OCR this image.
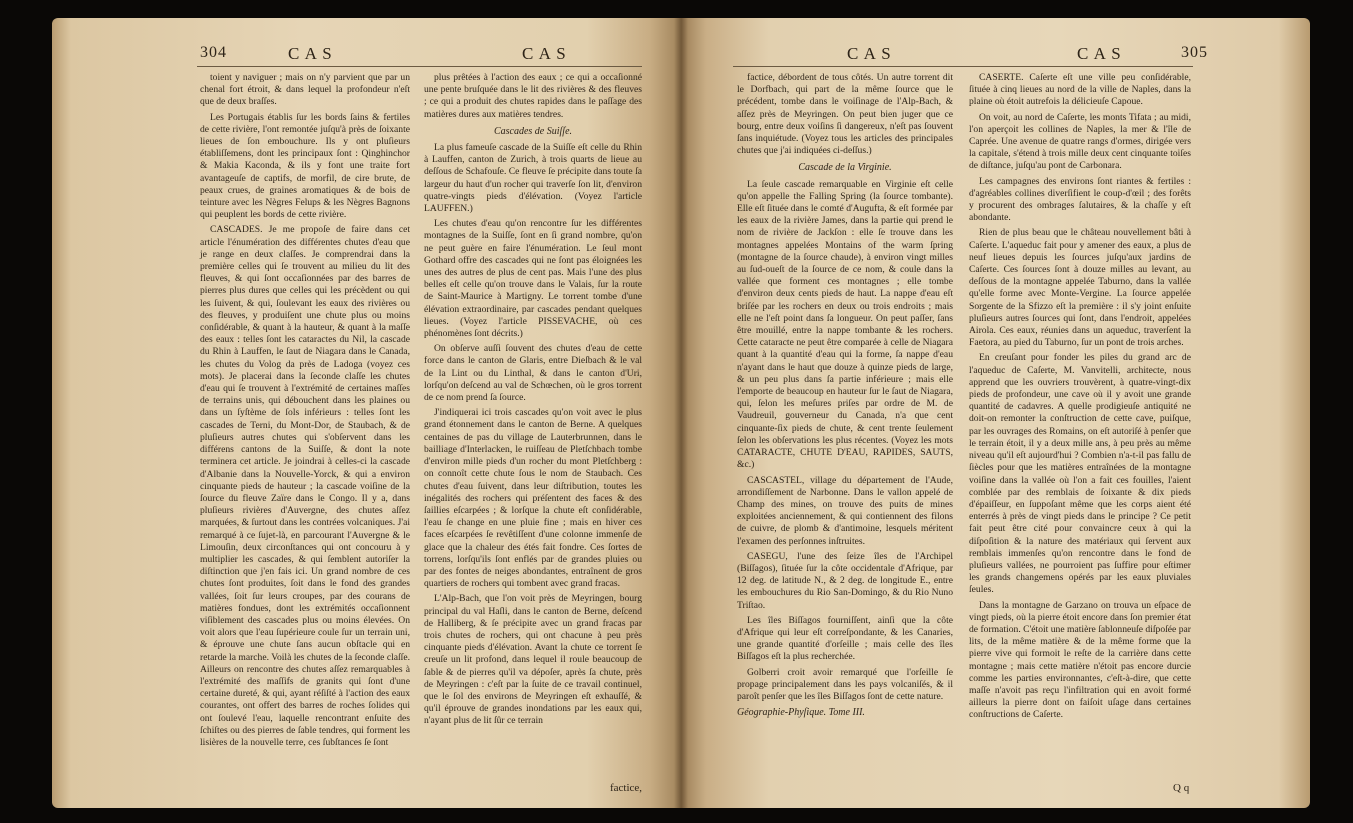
304	C A S	C A S

toient y naviguer ; mais on n'y parvient que par un chenal fort étroit, & dans lequel la profondeur n'eſt que de deux braſſes.

Les Portugais établis ſur les bords ſains & fertiles de cette rivière, l'ont remontée juſqu'à près de ſoixante lieues de ſon embouchure. Ils y ont pluſieurs établiſſemens, dont les principaux ſont : Qinghinchor & Makia Kaconda, & ils y font une traite fort avantageuſe de captifs, de morfil, de cire brute, de peaux crues, de graines aromatiques & de bois de teinture avec les Nègres Felups & les Nègres Bagnons qui peuplent les bords de cette rivière.

CASCADES. Je me propoſe de faire dans cet article l'énumération des différentes chutes d'eau que je range en deux claſſes. Je comprendrai dans la première celles qui ſe trouvent au milieu du lit des fleuves, & qui ſont occaſionnées par des barres de pierres plus dures que celles qui les précèdent ou qui les ſuivent, & qui, ſoulevant les eaux des rivières ou des fleuves, y produiſent une chute plus ou moins conſidérable, & quant à la hauteur, & quant à la maſſe des eaux : telles ſont les cataractes du Nil, la cascade du Rhin à Lauffen, le ſaut de Niagara dans le Canada, les chutes du Volog da près de Ladoga (voyez ces mots). Je placerai dans la ſeconde claſſe les chutes d'eau qui ſe trouvent à l'extrémité de certaines maſſes de terrains unis, qui débouchent dans les plaines ou dans un ſyſtème de ſols inférieurs : telles ſont les cascades de Terni, du Mont-Dor, de Staubach, & de pluſieurs autres chutes qui s'obſervent dans les différens cantons de la Suiſſe, & dont la note terminera cet article. Je joindrai à celles-ci la cascade d'Albanie dans la Nouvelle-Yorck, & qui a environ cinquante pieds de hauteur ; la cascade voiſine de la ſource du fleuve Zaïre dans le Congo. Il y a, dans pluſieurs rivières d'Auvergne, des chutes aſſez marquées, & ſurtout dans les contrées volcaniques. J'ai remarqué à ce ſujet-là, en parcourant l'Auvergne & le Limouſin, deux circonſtances qui ont concouru à y multiplier les cascades, & qui ſemblent autoriſer la diſtinction que j'en fais ici. Un grand nombre de ces chutes ſont produites, ſoit dans le fond des grandes vallées, ſoit ſur leurs croupes, par des courans de matières fondues, dont les extrémités occaſionnent viſiblement des cascades plus ou moins élevées. On voit alors que l'eau ſupérieure coule ſur un terrain uni, & éprouve une chute ſans aucun obſtacle qui en retarde la marche. Voilà les chutes de la ſeconde claſſe. Ailleurs on rencontre des chutes aſſez remarquables à l'extrémité des maſſifs de granits qui ſont d'une certaine dureté, & qui, ayant réſiſté à l'action des eaux courantes, ont offert des barres de roches ſolides qui ont ſoulevé l'eau, laquelle rencontrant enſuite des ſchiſtes ou des pierres de ſable tendres, qui forment les lisières de la nouvelle terre, ces ſubſtances ſe ſont

plus prêtées à l'action des eaux ; ce qui a occaſionné une pente bruſquée dans le lit des rivières & des fleuves ; ce qui a produit des chutes rapides dans le paſſage des matières dures aux matières tendres.

Cascades de Suiſſe.

La plus fameuſe cascade de la Suiſſe eſt celle du Rhin à Lauffen, canton de Zurich, à trois quarts de lieue au deſſous de Schafouſe. Ce fleuve ſe précipite dans toute ſa largeur du haut d'un rocher qui traverſe ſon lit, d'environ quatre-vingts pieds d'élévation. (Voyez l'article LAUFFEN.)

Les chutes d'eau qu'on rencontre ſur les différentes montagnes de la Suiſſe, ſont en ſi grand nombre, qu'on ne peut guère en faire l'énumération. Le ſeul mont Gothard offre des cascades qui ne ſont pas éloignées les unes des autres de plus de cent pas. Mais l'une des plus belles eſt celle qu'on trouve dans le Valais, ſur la route de Saint-Maurice à Martigny. Le torrent tombe d'une élévation extraordinaire, par cascades pendant quelques lieues. (Voyez l'article PISSEVACHE, où ces phénomènes ſont décrits.)

On obſerve auſſi ſouvent des chutes d'eau de cette force dans le canton de Glaris, entre Dieſbach & le val de la Lint ou du Linthal, & dans le canton d'Uri, lorſqu'on deſcend au val de Schœchen, où le gros torrent de ce nom prend ſa ſource.

J'indiquerai ici trois cascades qu'on voit avec le plus grand étonnement dans le canton de Berne. A quelques centaines de pas du village de Lauterbrunnen, dans le bailliage d'Interlacken, le ruiſſeau de Pletſchbach tombe d'environ mille pieds d'un rocher du mont Pletſchberg : on connoît cette chute ſous le nom de Staubach. Ces chutes d'eau ſuivent, dans leur diſtribution, toutes les inégalités des rochers qui préſentent des faces & des ſaillies eſcarpées ; & lorſque la chute eſt conſidérable, l'eau ſe change en une pluie fine ; mais en hiver ces faces eſcarpées ſe revêtiſſent d'une colonne immenſe de glace que la chaleur des étés fait fondre. Ces ſortes de torrens, lorſqu'ils ſont enflés par de grandes pluies ou par des fontes de neiges abondantes, entraînent de gros quartiers de rochers qui tombent avec grand fracas.

L'Alp-Bach, que l'on voit près de Meyringen, bourg principal du val Haſli, dans le canton de Berne, deſcend de Halliberg, & ſe précipite avec un grand fracas par trois chutes de rochers, qui ont chacune à peu près cinquante pieds d'élévation. Avant la chute ce torrent ſe creuſe un lit profond, dans lequel il roule beaucoup de ſable & de pierres qu'il va dépoſer, après ſa chute, près de Meyringen : c'eſt par la ſuite de ce travail continuel, que le ſol des environs de Meyringen eſt exhauſſé, & qu'il éprouve de grandes inondations par les eaux qui, n'ayant plus de lit ſûr ce terrain

factice,
C A S	C A S	305

factice, débordent de tous côtés. Un autre torrent dit le Dorfbach, qui part de la même ſource que le précédent, tombe dans le voiſinage de l'Alp-Bach, & aſſez près de Meyringen. On peut bien juger que ce bourg, entre deux voiſins ſi dangereux, n'eſt pas ſouvent ſans inquiétude. (Voyez tous les articles des principales chutes que j'ai indiquées ci-deſſus.)

Cascade de la Virginie.

La ſeule cascade remarquable en Virginie eſt celle qu'on appelle the Falling Spring (la ſource tombante). Elle eſt ſituée dans le comté d'Augufta, & eſt formée par les eaux de la rivière James, dans la partie qui prend le nom de rivière de Jackſon : elle ſe trouve dans les montagnes appelées Montains of the warm ſpring (montagne de la ſource chaude), à environ vingt milles au ſud-oueſt de la ſource de ce nom, & coule dans la vallée que forment ces montagnes ; elle tombe d'environ deux cents pieds de haut. La nappe d'eau eſt briſée par les rochers en deux ou trois endroits ; mais elle ne l'eſt point dans ſa longueur. On peut paſſer, ſans être mouillé, entre la nappe tombante & les rochers. Cette cataracte ne peut être comparée à celle de Niagara quant à la quantité d'eau qui la forme, ſa nappe d'eau n'ayant dans le haut que douze à quinze pieds de large, & un peu plus dans ſa partie inférieure ; mais elle l'emporte de beaucoup en hauteur ſur le ſaut de Niagara, qui, ſelon les meſures priſes par ordre de M. de Vaudreuil, gouverneur du Canada, n'a que cent cinquante-ſix pieds de chute, & cent trente ſeulement ſelon les obſervations les plus récentes. (Voyez les mots CATARACTE, CHUTE D'EAU, RAPIDES, SAUTS, &c.)

CASCASTEL, village du département de l'Aude, arrondiſſement de Narbonne. Dans le vallon appelé de Champ des mines, on trouve des puits de mines exploitées anciennement, & qui contiennent des filons de cuivre, de plomb & d'antimoine, lesquels méritent l'examen des perſonnes inſtruites.

CASEGU, l'une des ſeize îles de l'Archipel (Biſſagos), ſituée ſur la côte occidentale d'Afrique, par 12 deg. de latitude N., & 2 deg. de longitude E., entre les embouchures du Rio San-Domingo, & du Rio Nuno Triſtao.

Les îles Biſſagos fourniſſent, ainſi que la côte d'Afrique qui leur eſt correſpondante, & les Canaries, une grande quantité d'orſeille ; mais celle des îles Biſſagos eſt la plus recherchée.

Golberri croit avoir remarqué que l'orſeille ſe propage principalement dans les pays volcaniſés, & il paroît penſer que les îles Biſſagos ſont de cette nature.

Géographie-Phyſique. Tome III.

CASERTE. Caſerte eſt une ville peu conſidérable, ſituée à cinq lieues au nord de la ville de Naples, dans la plaine où étoit autrefois la délicieuſe Capoue.

On voit, au nord de Caſerte, les monts Tifata ; au midi, l'on aperçoit les collines de Naples, la mer & l'île de Caprée. Une avenue de quatre rangs d'ormes, dirigée vers la capitale, s'étend à trois mille deux cent cinquante toiſes de diſtance, juſqu'au pont de Carbonara.

Les campagnes des environs ſont riantes & fertiles : d'agréables collines diverſifient le coup-d'œil ; des forêts y procurent des ombrages ſalutaires, & la chaſſe y eſt abondante.

Rien de plus beau que le château nouvellement bâti à Caſerte. L'aqueduc fait pour y amener des eaux, a plus de neuf lieues depuis les ſources juſqu'aux jardins de Caſerte. Ces ſources ſont à douze milles au levant, au deſſous de la montagne appelée Taburno, dans la vallée qu'elle forme avec Monte-Vergine. La ſource appelée Sorgente de la Sfizzo eſt la première : il s'y joint enſuite pluſieurs autres ſources qui ſont, dans l'endroit, appelées Airola. Ces eaux, réunies dans un aqueduc, traverſent la Faetora, au pied du Taburno, ſur un pont de trois arches.

En creuſant pour fonder les piles du grand arc de l'aqueduc de Caſerte, M. Vanvitelli, architecte, nous apprend que les ouvriers trouvèrent, à quatre-vingt-dix pieds de profondeur, une cave où il y avoit une grande quantité de cadavres. A quelle prodigieuſe antiquité ne doit-on remonter la conſtruction de cette cave, puiſque, par les ouvrages des Romains, on eſt autoriſé à penſer que le terrain étoit, il y a deux mille ans, à peu près au même niveau qu'il eſt aujourd'hui ? Combien n'a-t-il pas fallu de ſiècles pour que les matières entraînées de la montagne voiſine dans la vallée où l'on a fait ces fouilles, l'aient comblée par des remblais de ſoixante & dix pieds d'épaiſſeur, en ſuppoſant même que les corps aient été enterrés à près de vingt pieds dans le principe ? Ce petit fait peut être cité pour convaincre ceux à qui la diſpoſition & la nature des matériaux qui ſervent aux remblais immenſes qu'on rencontre dans le fond de pluſieurs vallées, ne pourroient pas ſuffire pour eſtimer les grands changemens opérés par les eaux pluviales ſeules.

Dans la montagne de Garzano on trouva un eſpace de vingt pieds, où la pierre étoit encore dans ſon premier état de formation. C'étoit une matière ſablonneuſe diſpoſée par lits, de la même matière & de la même forme que la pierre vive qui formoit le reſte de la carrière dans cette montagne ; mais cette matière n'étoit pas encore durcie comme les parties environnantes, c'eſt-à-dire, que cette maſſe n'avoit pas reçu l'infiltration qui en avoit formé ailleurs la pierre dont on faiſoit uſage dans certaines conſtructions de Caſerte.

Q q
